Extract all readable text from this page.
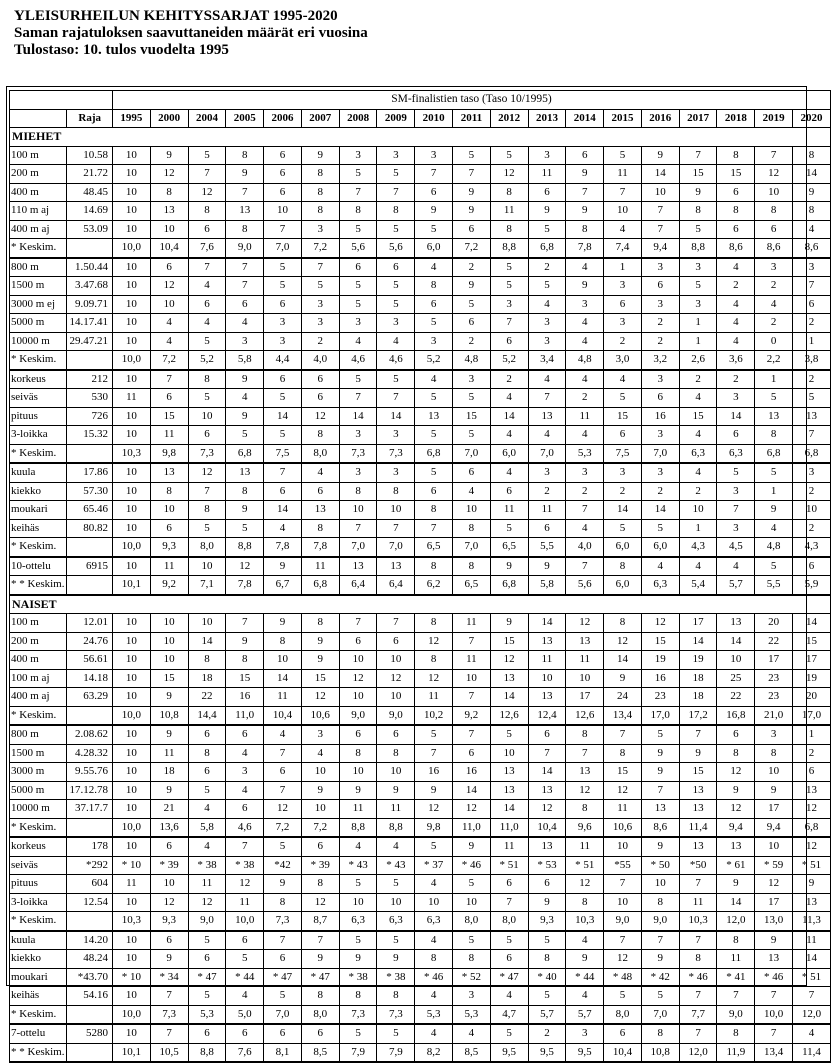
YLEISURHEILUN KEHITYSSARJAT 1995-2020
Saman rajatuloksen saavuttaneiden määrät eri vuosina
Tulostaso: 10. tulos vuodelta 1995
		SM-finalistien taso (Taso 10/1995)																		
	Raja	1995	2000	2004	2005	2006	2007	2008	2009	2010	2011	2012	2013	2014	2015	2016	2017	2018	2019	2020
MIEHET																				
100 m	10.58	10	9	5	8	6	9	3	3	3	5	5	3	6	5	9	7	8	7	8
200 m	21.72	10	12	7	9	6	8	5	5	7	7	12	11	9	11	14	15	15	12	14
400 m	48.45	10	8	12	7	6	8	7	7	6	9	8	6	7	7	10	9	6	10	9
110 m aj	14.69	10	13	8	13	10	8	8	8	9	9	11	9	9	10	7	8	8	8	8
400 m aj	53.09	10	10	6	8	7	3	5	5	5	6	8	5	8	4	7	5	6	6	4
* Keskim.		10,0	10,4	7,6	9,0	7,0	7,2	5,6	5,6	6,0	7,2	8,8	6,8	7,8	7,4	9,4	8,8	8,6	8,6	8,6
800 m	1.50.44	10	6	7	7	5	7	6	6	4	2	5	2	4	1	3	3	4	3	3
1500 m	3.47.68	10	12	4	7	5	5	5	5	8	9	5	5	9	3	6	5	2	2	7
3000 m ej	9.09.71	10	10	6	6	6	3	5	5	6	5	3	4	3	6	3	3	4	4	6
5000 m	14.17.41	10	4	4	4	3	3	3	3	5	6	7	3	4	3	2	1	4	2	2
10000 m	29.47.21	10	4	5	3	3	2	4	4	3	2	6	3	4	2	2	1	4	0	1
* Keskim.		10,0	7,2	5,2	5,8	4,4	4,0	4,6	4,6	5,2	4,8	5,2	3,4	4,8	3,0	3,2	2,6	3,6	2,2	3,8
korkeus	212	10	7	8	9	6	6	5	5	4	3	2	4	4	4	3	2	2	1	2
seiväs	530	11	6	5	4	5	6	7	7	5	5	4	7	2	5	6	4	3	5	5
pituus	726	10	15	10	9	14	12	14	14	13	15	14	13	11	15	16	15	14	13	13
3-loikka	15.32	10	11	6	5	5	8	3	3	5	5	4	4	4	6	3	4	6	8	7
* Keskim.		10,3	9,8	7,3	6,8	7,5	8,0	7,3	7,3	6,8	7,0	6,0	7,0	5,3	7,5	7,0	6,3	6,3	6,8	6,8
kuula	17.86	10	13	12	13	7	4	3	3	5	6	4	3	3	3	3	4	5	5	3
kiekko	57.30	10	8	7	8	6	6	8	8	6	4	6	2	2	2	2	2	3	1	2
moukari	65.46	10	10	8	9	14	13	10	10	8	10	11	11	7	14	14	10	7	9	10
keihäs	80.82	10	6	5	5	4	8	7	7	7	8	5	6	4	5	5	1	3	4	2
* Keskim.		10,0	9,3	8,0	8,8	7,8	7,8	7,0	7,0	6,5	7,0	6,5	5,5	4,0	6,0	6,0	4,3	4,5	4,8	4,3
10-ottelu	6915	10	11	10	12	9	11	13	13	8	8	9	9	7	8	4	4	4	5	6
* * Keskim.		10,1	9,2	7,1	7,8	6,7	6,8	6,4	6,4	6,2	6,5	6,8	5,8	5,6	6,0	6,3	5,4	5,7	5,5	5,9
NAISET																				
100 m	12.01	10	10	10	7	9	8	7	7	8	11	9	14	12	8	12	17	13	20	14
200 m	24.76	10	10	14	9	8	9	6	6	12	7	15	13	13	12	15	14	14	22	15
400 m	56.61	10	10	8	8	10	9	10	10	8	11	12	11	11	14	19	19	10	17	17
100 m aj	14.18	10	15	18	15	14	15	12	12	12	10	13	10	10	9	16	18	25	23	19
400 m aj	63.29	10	9	22	16	11	12	10	10	11	7	14	13	17	24	23	18	22	23	20
* Keskim.		10,0	10,8	14,4	11,0	10,4	10,6	9,0	9,0	10,2	9,2	12,6	12,4	12,6	13,4	17,0	17,2	16,8	21,0	17,0
800 m	2.08.62	10	9	6	6	4	3	6	6	5	7	5	6	8	7	5	7	6	3	1
1500 m	4.28.32	10	11	8	4	7	4	8	8	7	6	10	7	7	8	9	9	8	8	2
3000 m	9.55.76	10	18	6	3	6	10	10	10	16	16	13	14	13	15	9	15	12	10	6
5000 m	17.12.78	10	9	5	4	7	9	9	9	9	14	13	13	12	12	7	13	9	9	13
10000 m	37.17.7	10	21	4	6	12	10	11	11	12	12	14	12	8	11	13	13	12	17	12
* Keskim.		10,0	13,6	5,8	4,6	7,2	7,2	8,8	8,8	9,8	11,0	11,0	10,4	9,6	10,6	8,6	11,4	9,4	9,4	6,8
korkeus	178	10	6	4	7	5	6	4	4	5	9	11	13	11	10	9	13	13	10	12
seiväs	*292	* 10	* 39	* 38	* 38	*42	* 39	* 43	* 43	* 37	* 46	* 51	* 53	* 51	*55	* 50	*50	* 61	* 59	* 51
pituus	604	11	10	11	12	9	8	5	5	4	5	6	6	12	7	10	7	9	12	9
3-loikka	12.54	10	12	12	11	8	12	10	10	10	10	7	9	8	10	8	11	14	17	13
* Keskim.		10,3	9,3	9,0	10,0	7,3	8,7	6,3	6,3	6,3	8,0	8,0	9,3	10,3	9,0	9,0	10,3	12,0	13,0	11,3
kuula	14.20	10	6	5	6	7	7	5	5	4	5	5	5	4	7	7	7	8	9	11
kiekko	48.24	10	9	6	5	6	9	9	9	8	8	6	8	9	12	9	8	11	13	14
moukari	*43.70	* 10	* 34	* 47	* 44	* 47	* 47	* 38	* 38	* 46	* 52	* 47	* 40	* 44	* 48	* 42	* 46	* 41	* 46	* 51
keihäs	54.16	10	7	5	4	5	8	8	8	4	3	4	5	4	5	5	7	7	7	7
* Keskim.		10,0	7,3	5,3	5,0	7,0	8,0	7,3	7,3	5,3	5,3	4,7	5,7	5,7	8,0	7,0	7,7	9,0	10,0	12,0
7-ottelu	5280	10	7	6	6	6	6	5	5	4	4	5	2	3	6	8	7	8	7	4
* * Keskim.		10,1	10,5	8,8	7,6	8,1	8,5	7,9	7,9	8,2	8,5	9,5	9,5	9,5	10,4	10,8	12,0	11,9	13,4	11,4
